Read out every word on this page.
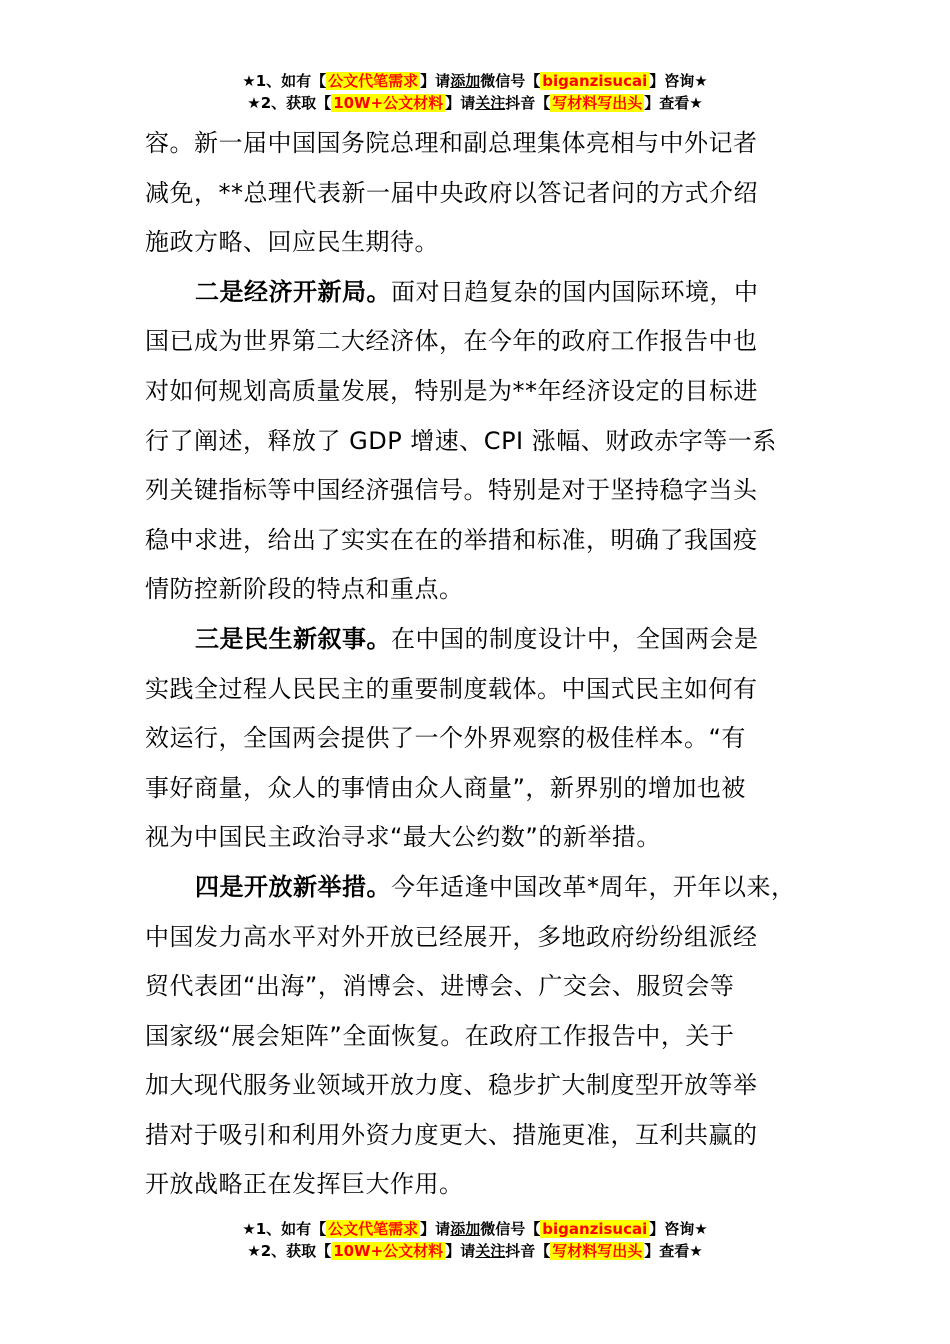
★1、如有【 公文代笔需求 】请添加微信号【 biganzisucai 】咨询★
★2、获取【 10W+公文材料 】请关注抖音【 写材料写出头 】查看★

容。新一届中国国务院总理和副总理集体亮相与中外记者
减免，**总理代表新一届中央政府以答记者问的方式介绍
施政方略、回应民生期待。

二是经济开新局。面对日趋复杂的国内国际环境，中
国已成为世界第二大经济体，在今年的政府工作报告中也
对如何规划高质量发展，特别是为**年经济设定的目标进
行了阐述，释放了 GDP 增速、CPI 涨幅、财政赤字等一系
列关键指标等中国经济强信号。特别是对于坚持稳字当头
稳中求进，给出了实实在在的举措和标准，明确了我国疫
情防控新阶段的特点和重点。

三是民生新叙事。在中国的制度设计中，全国两会是
实践全过程人民民主的重要制度载体。中国式民主如何有
效运行，全国两会提供了一个外界观察的极佳样本。“有
事好商量，众人的事情由众人商量”，新界别的增加也被
视为中国民主政治寻求“最大公约数”的新举措。

四是开放新举措。今年适逢中国改革*周年，开年以来，
中国发力高水平对外开放已经展开，多地政府纷纷组派经
贸代表团“出海”，消博会、进博会、广交会、服贸会等
国家级“展会矩阵”全面恢复。在政府工作报告中，关于
加大现代服务业领域开放力度、稳步扩大制度型开放等举
措对于吸引和利用外资力度更大、措施更准，互利共赢的
开放战略正在发挥巨大作用。

★1、如有【 公文代笔需求 】请添加微信号【 biganzisucai 】咨询★
★2、获取【 10W+公文材料 】请关注抖音【 写材料写出头 】查看★
